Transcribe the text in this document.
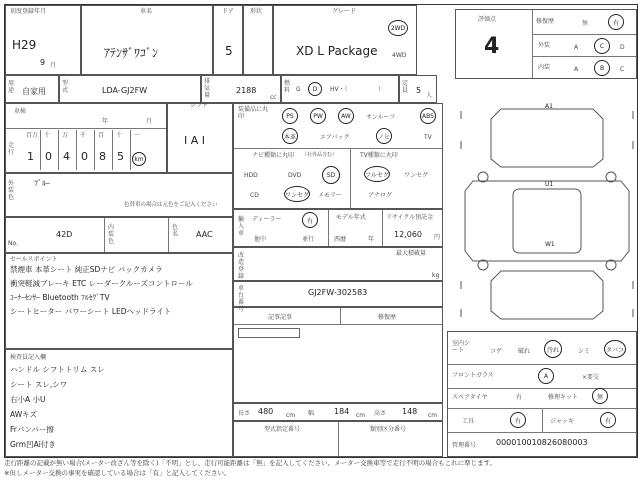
初度登録年月
H29
9 月
車名
ｱﾃﾝｻﾞﾜｺﾞﾝ
ドア
5
形状	グレード
XD L Package
2WD
4WD
用途 自家用
型式	LDA-GJ2FW
排気量
2188
cc
燃料 G D HV・（	）
定員 5
人
車検
年	月
走行
百万 十 万 千 百 十 一
1 0 4 0 8 5	km
シフト
I A I
外装色
ﾌﾞﾙｰ
色替車の場合は元色をご記入ください
No.
42D
内装色
色名 AAC
セールスポイント
禁煙車 本革シート 純正SDナビ バックカメラ
衝突軽減ブレーキ ETC レーダークルーズコントロール
ｺｰﾅｰｾﾝｻｰ Bluetooth ﾌﾙｾｸﾞTV
シートヒーター パワーシート LEDヘッドライト
検査員記入欄
ハンドル シフトトリム スレ
シート スレ,シワ
右小A 小U
AWキズ
Frバンパー擦
Grm凹Ai付き
装備品に丸印	PS	PW	AW	サンルーフ	ABS
本革	エアバッグ	ノヒ	TV
ナビ種類に丸印 （社外品含む）
HDD	DVD	SD
CD	ワンセグ メモリー
TV種類に丸印
フルセグ	ワンセグ
アナログ
輸入車
ディーラー	有
他中	並行
モデル年式
西暦	年
リサイクル預託金
12,060 円
改造登録
最大積載量
kg
車台番号
GJ2FW-302583
記事記事	修復歴
長さ 480 cm 幅 184 cm 高さ 148 cm
型式指定番号	類別区分番号
評価点
4
修復歴	無	有
外装	A	C	D
内装	A	B	C
A1
U1
W1
室内シート	コゲ	破れ	汚れ	シミ	タバコ
フロントガラス	A	×要交
スペアタイヤ	有	修理キット	無
工具	有	ジャッキ	有
管理番号 000010010826080003
走行距離の記載が無い場合(メーター改ざん等を除く)「不明」とし、走行可能距離は「無」を記入してください。メーター交換車等で走行不明の場合もこれに準じます。
※但しメーター交換の事実を確認している場合は「有」と記入してください。
